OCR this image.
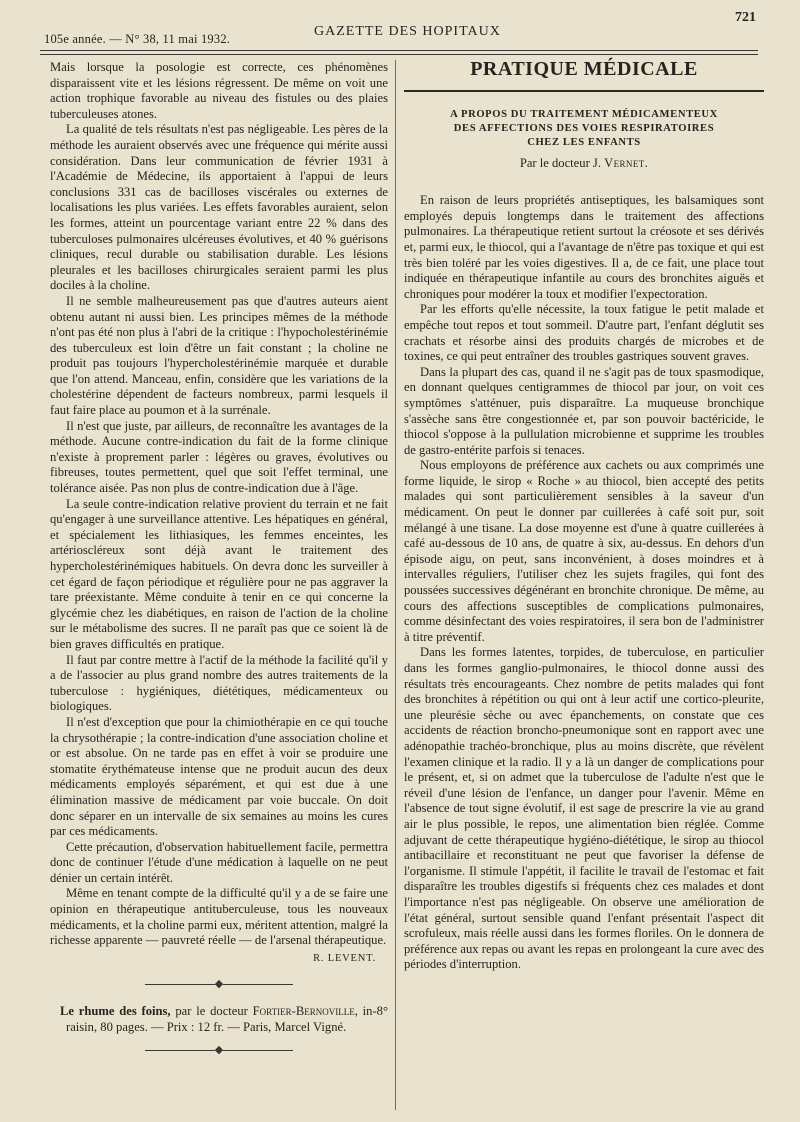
105e année. — N° 38, 11 mai 1932.	GAZETTE DES HOPITAUX
721

Mais lorsque la posologie est correcte, ces phénomènes disparaissent vite et les lésions régressent. De même on voit une action trophique favorable au niveau des fistules ou des plaies tuberculeuses atones.

La qualité de tels résultats n'est pas négligeable. Les pères de la méthode les auraient observés avec une fréquence qui mérite aussi considération. Dans leur communication de février 1931 à l'Académie de Médecine, ils apportaient à l'appui de leurs conclusions 331 cas de bacilloses viscérales ou externes de localisations les plus variées. Les effets favorables auraient, selon les formes, atteint un pourcentage variant entre 22 % dans des tuberculoses pulmonaires ulcéreuses évolutives, et 40 % guérisons cliniques, recul durable ou stabilisation durable. Les lésions pleurales et les bacilloses chirurgicales seraient parmi les plus dociles à la choline.

Il ne semble malheureusement pas que d'autres auteurs aient obtenu autant ni aussi bien. Les principes mêmes de la méthode n'ont pas été non plus à l'abri de la critique : l'hypocholestérinémie des tuberculeux est loin d'être un fait constant ; la choline ne produit pas toujours l'hypercholestérinémie marquée et durable que l'on attend. Manceau, enfin, considère que les variations de la cholestérine dépendent de facteurs nombreux, parmi lesquels il faut faire place au poumon et à la surrénale.

Il n'est que juste, par ailleurs, de reconnaître les avantages de la méthode. Aucune contre-indication du fait de la forme clinique n'existe à proprement parler : légères ou graves, évolutives ou fibreuses, toutes permettent, quel que soit l'effet terminal, une tolérance aisée. Pas non plus de contre-indication due à l'âge.

La seule contre-indication relative provient du terrain et ne fait qu'engager à une surveillance attentive. Les hépatiques en général, et spécialement les lithiasiques, les femmes enceintes, les artérioscléreux sont déjà avant le traitement des hypercholestérinémiques habituels. On devra donc les surveiller à cet égard de façon périodique et régulière pour ne pas aggraver la tare préexistante. Même conduite à tenir en ce qui concerne la glycémie chez les diabétiques, en raison de l'action de la choline sur le métabolisme des sucres. Il ne paraît pas que ce soient là de bien graves difficultés en pratique.

Il faut par contre mettre à l'actif de la méthode la facilité qu'il y a de l'associer au plus grand nombre des autres traitements de la tuberculose : hygiéniques, diététiques, médicamenteux ou biologiques.

Il n'est d'exception que pour la chimiothérapie en ce qui touche la chrysothérapie ; la contre-indication d'une association choline et or est absolue. On ne tarde pas en effet à voir se produire une stomatite érythémateuse intense que ne produit aucun des deux médicaments employés séparément, et qui est due à une élimination massive de médicament par voie buccale. On doit donc séparer en un intervalle de six semaines au moins les cures par ces médicaments.

Cette précaution, d'observation habituellement facile, permettra donc de continuer l'étude d'une médication à laquelle on ne peut dénier un certain intérêt.

Même en tenant compte de la difficulté qu'il y a de se faire une opinion en thérapeutique antituberculeuse, tous les nouveaux médicaments, et la choline parmi eux, méritent attention, malgré la richesse apparente — pauvreté réelle — de l'arsenal thérapeutique.

R. LEVENT.
◆
Le rhume des foins, par le docteur Fortier-Bernoville, in-8° raisin, 80 pages. — Prix : 12 fr. — Paris, Marcel Vigné.
◆
PRATIQUE MÉDICALE
A PROPOS DU TRAITEMENT MÉDICAMENTEUX
DES AFFECTIONS DES VOIES RESPIRATOIRES
CHEZ LES ENFANTS
Par le docteur J. Vernet.

En raison de leurs propriétés antiseptiques, les balsamiques sont employés depuis longtemps dans le traitement des affections pulmonaires. La thérapeutique retient surtout la créosote et ses dérivés et, parmi eux, le thiocol, qui a l'avantage de n'être pas toxique et qui est très bien toléré par les voies digestives. Il a, de ce fait, une place tout indiquée en thérapeutique infantile au cours des bronchites aiguës et chroniques pour modérer la toux et modifier l'expectoration.

Par les efforts qu'elle nécessite, la toux fatigue le petit malade et empêche tout repos et tout sommeil. D'autre part, l'enfant déglutit ses crachats et résorbe ainsi des produits chargés de microbes et de toxines, ce qui peut entraîner des troubles gastriques souvent graves.

Dans la plupart des cas, quand il ne s'agit pas de toux spasmodique, en donnant quelques centigrammes de thiocol par jour, on voit ces symptômes s'atténuer, puis disparaître. La muqueuse bronchique s'assèche sans être congestionnée et, par son pouvoir bactéricide, le thiocol s'oppose à la pullulation microbienne et supprime les troubles de gastro-entérite parfois si tenaces.

Nous employons de préférence aux cachets ou aux comprimés une forme liquide, le sirop « Roche » au thiocol, bien accepté des petits malades qui sont particulièrement sensibles à la saveur d'un médicament. On peut le donner par cuillerées à café soit pur, soit mélangé à une tisane. La dose moyenne est d'une à quatre cuillerées à café au-dessous de 10 ans, de quatre à six, au-dessus. En dehors d'un épisode aigu, on peut, sans inconvénient, à doses moindres et à intervalles réguliers, l'utiliser chez les sujets fragiles, qui font des poussées successives dégénérant en bronchite chronique. De même, au cours des affections susceptibles de complications pulmonaires, comme désinfectant des voies respiratoires, il sera bon de l'administrer à titre préventif.

Dans les formes latentes, torpides, de tuberculose, en particulier dans les formes ganglio-pulmonaires, le thiocol donne aussi des résultats très encourageants. Chez nombre de petits malades qui font des bronchites à répétition ou qui ont à leur actif une cortico-pleurite, une pleurésie sèche ou avec épanchements, on constate que ces accidents de réaction broncho-pneumonique sont en rapport avec une adénopathie trachéo-bronchique, plus au moins discrète, que révèlent l'examen clinique et la radio. Il y a là un danger de complications pour le présent, et, si on admet que la tuberculose de l'adulte n'est que le réveil d'une lésion de l'enfance, un danger pour l'avenir. Même en l'absence de tout signe évolutif, il est sage de prescrire la vie au grand air le plus possible, le repos, une alimentation bien réglée. Comme adjuvant de cette thérapeutique hygiéno-diététique, le sirop au thiocol antibacillaire et reconstituant ne peut que favoriser la défense de l'organisme. Il stimule l'appétit, il facilite le travail de l'estomac et fait disparaître les troubles digestifs si fréquents chez ces malades et dont l'importance n'est pas négligeable. On observe une amélioration de l'état général, surtout sensible quand l'enfant présentait l'aspect dit scrofuleux, mais réelle aussi dans les formes floriles. On le donnera de préférence aux repas ou avant les repas en prolongeant la cure avec des périodes d'interruption.
